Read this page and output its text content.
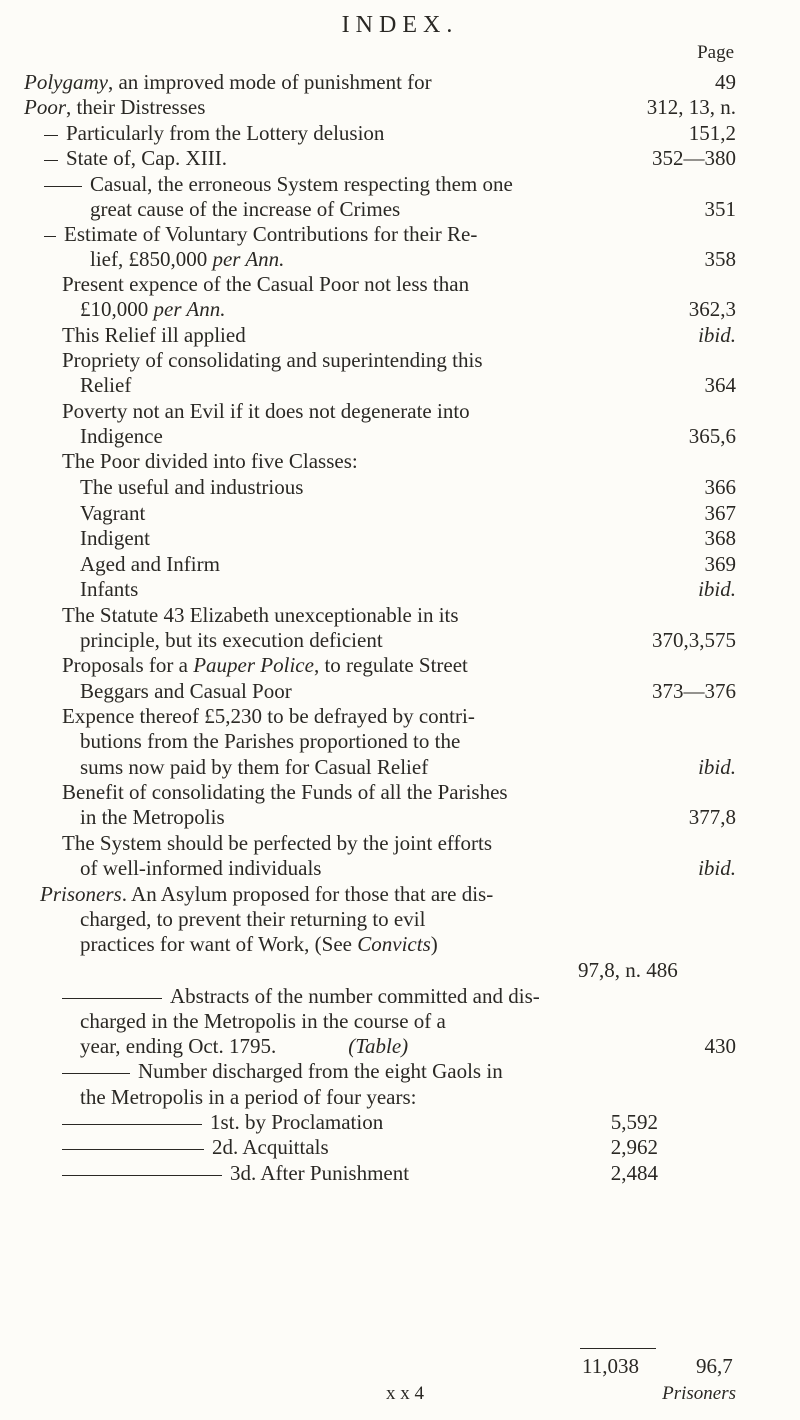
INDEX.
Page
Polygamy, an improved mode of punishment for	49
Poor, their Distresses	312, 13, n.
Particularly from the Lottery delusion	151,2
State of, Cap. XIII.	352—380
Casual, the erroneous System respecting them one
great cause of the increase of Crimes	351
Estimate of Voluntary Contributions for their Re-
lief, £850,000 per Ann.	358
Present expence of the Casual Poor not less than
£10,000 per Ann.	362,3
This Relief ill applied	ibid.
Propriety of consolidating and superintending this
Relief	364
Poverty not an Evil if it does not degenerate into
Indigence	365,6
The Poor divided into five Classes:
The useful and industrious	366
Vagrant	367
Indigent	368
Aged and Infirm	369
Infants	ibid.
The Statute 43 Elizabeth unexceptionable in its
principle, but its execution deficient	370,3,575
Proposals for a Pauper Police, to regulate Street
Beggars and Casual Poor	373—376
Expence thereof £5,230 to be defrayed by contri-
butions from the Parishes proportioned to the
sums now paid by them for Casual Relief	ibid.
Benefit of consolidating the Funds of all the Parishes
in the Metropolis	377,8
The System should be perfected by the joint efforts
of well-informed individuals	ibid.
Prisoners. An Asylum proposed for those that are dis-
charged, to prevent their returning to evil
practices for want of Work, (See Convicts)
97,8, n. 486
Abstracts of the number committed and dis-
charged in the Metropolis in the course of a
year, ending Oct. 1795.	(Table)	430
Number discharged from the eight Gaols in
the Metropolis in a period of four years:
1st. by Proclamation	5,592
2d. Acquittals	2,962
3d. After Punishment	2,484
11,038	96,7
x x 4	Prisoners
